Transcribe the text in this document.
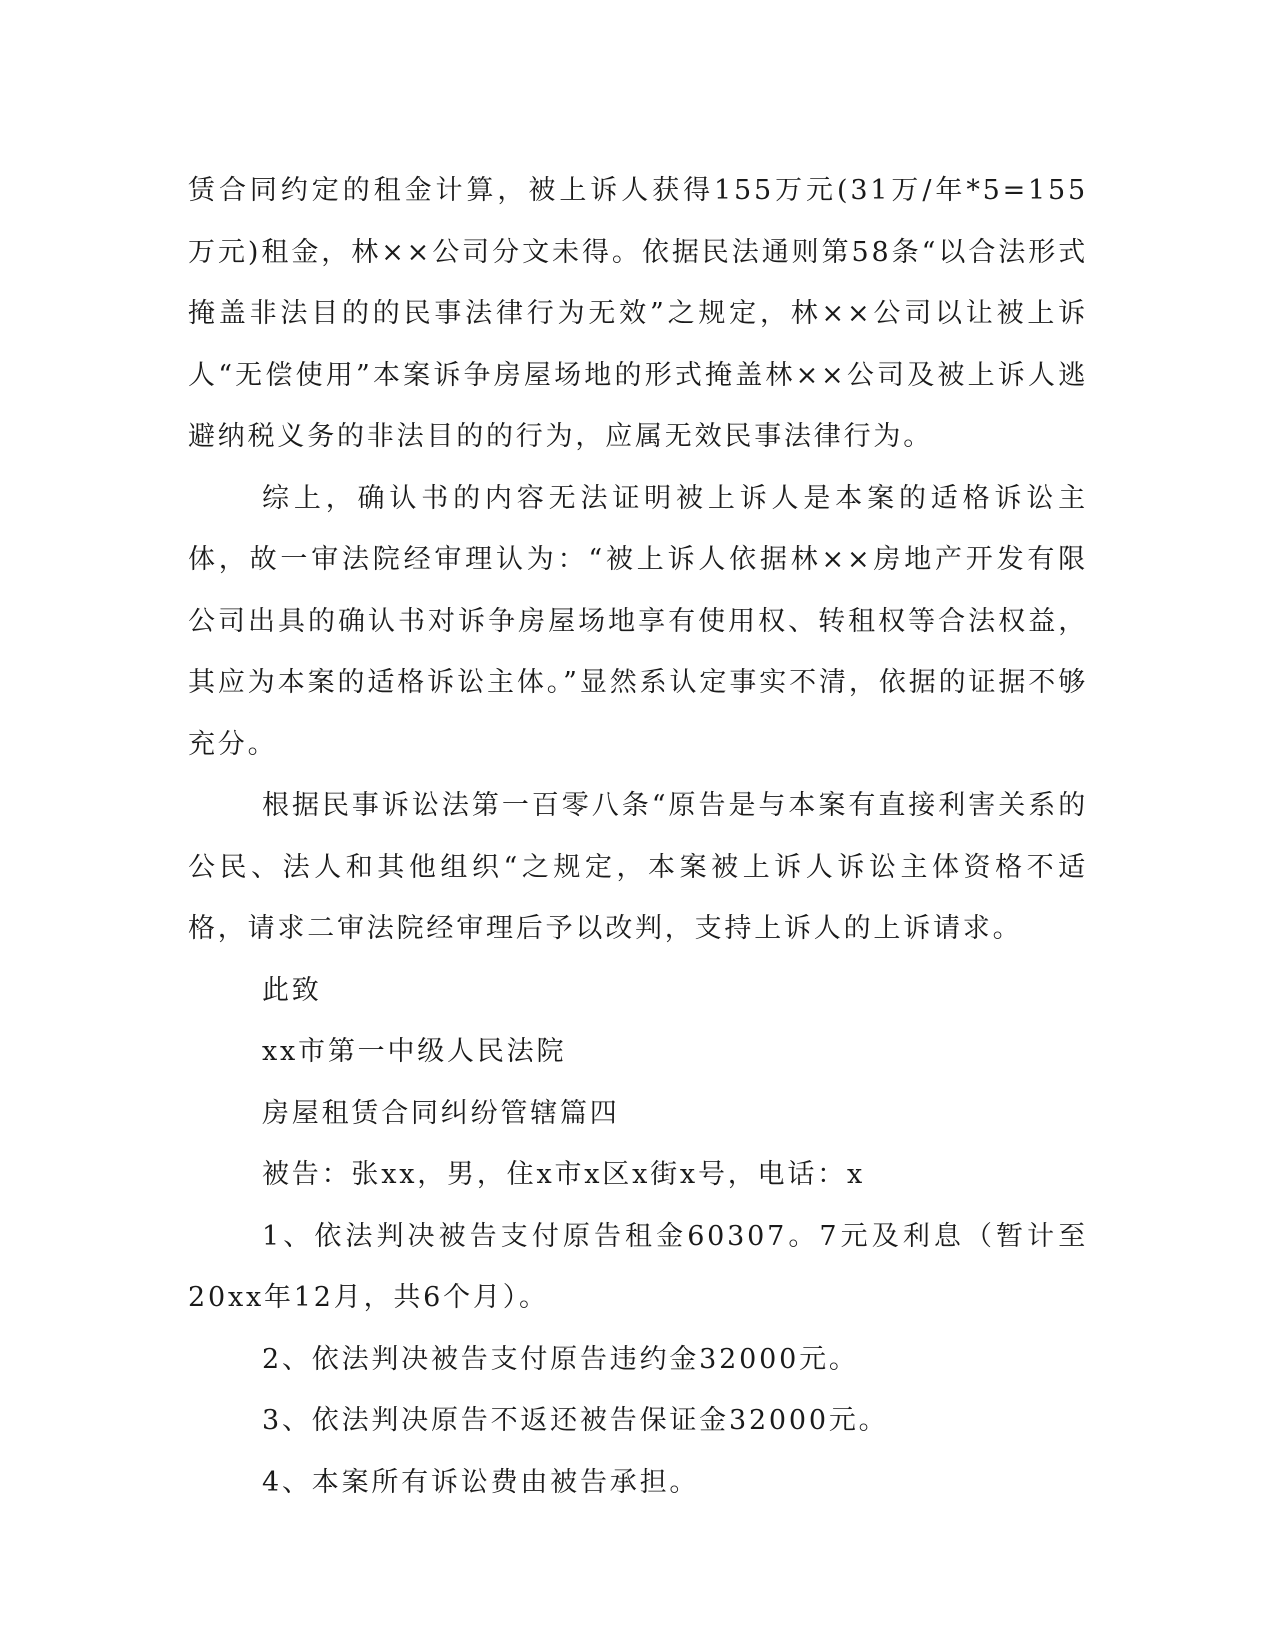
赁合同约定的租金计算，被上诉人获得155万元(31万/年*5=155万元)租金，林××公司分文未得。依据民法通则第58条“以合法形式掩盖非法目的的民事法律行为无效”之规定，林××公司以让被上诉人“无偿使用”本案诉争房屋场地的形式掩盖林××公司及被上诉人逃避纳税义务的非法目的的行为，应属无效民事法律行为。

综上，确认书的内容无法证明被上诉人是本案的适格诉讼主体，故一审法院经审理认为：“被上诉人依据林××房地产开发有限公司出具的确认书对诉争房屋场地享有使用权、转租权等合法权益，其应为本案的适格诉讼主体。”显然系认定事实不清，依据的证据不够充分。

根据民事诉讼法第一百零八条“原告是与本案有直接利害关系的公民、法人和其他组织“之规定，本案被上诉人诉讼主体资格不适格，请求二审法院经审理后予以改判，支持上诉人的上诉请求。

此致

xx市第一中级人民法院

房屋租赁合同纠纷管辖篇四

被告：张xx，男，住x市x区x街x号，电话：x

1、依法判决被告支付原告租金60307。7元及利息（暂计至20xx年12月，共6个月）。

2、依法判决被告支付原告违约金32000元。

3、依法判决原告不返还被告保证金32000元。

4、本案所有诉讼费由被告承担。
